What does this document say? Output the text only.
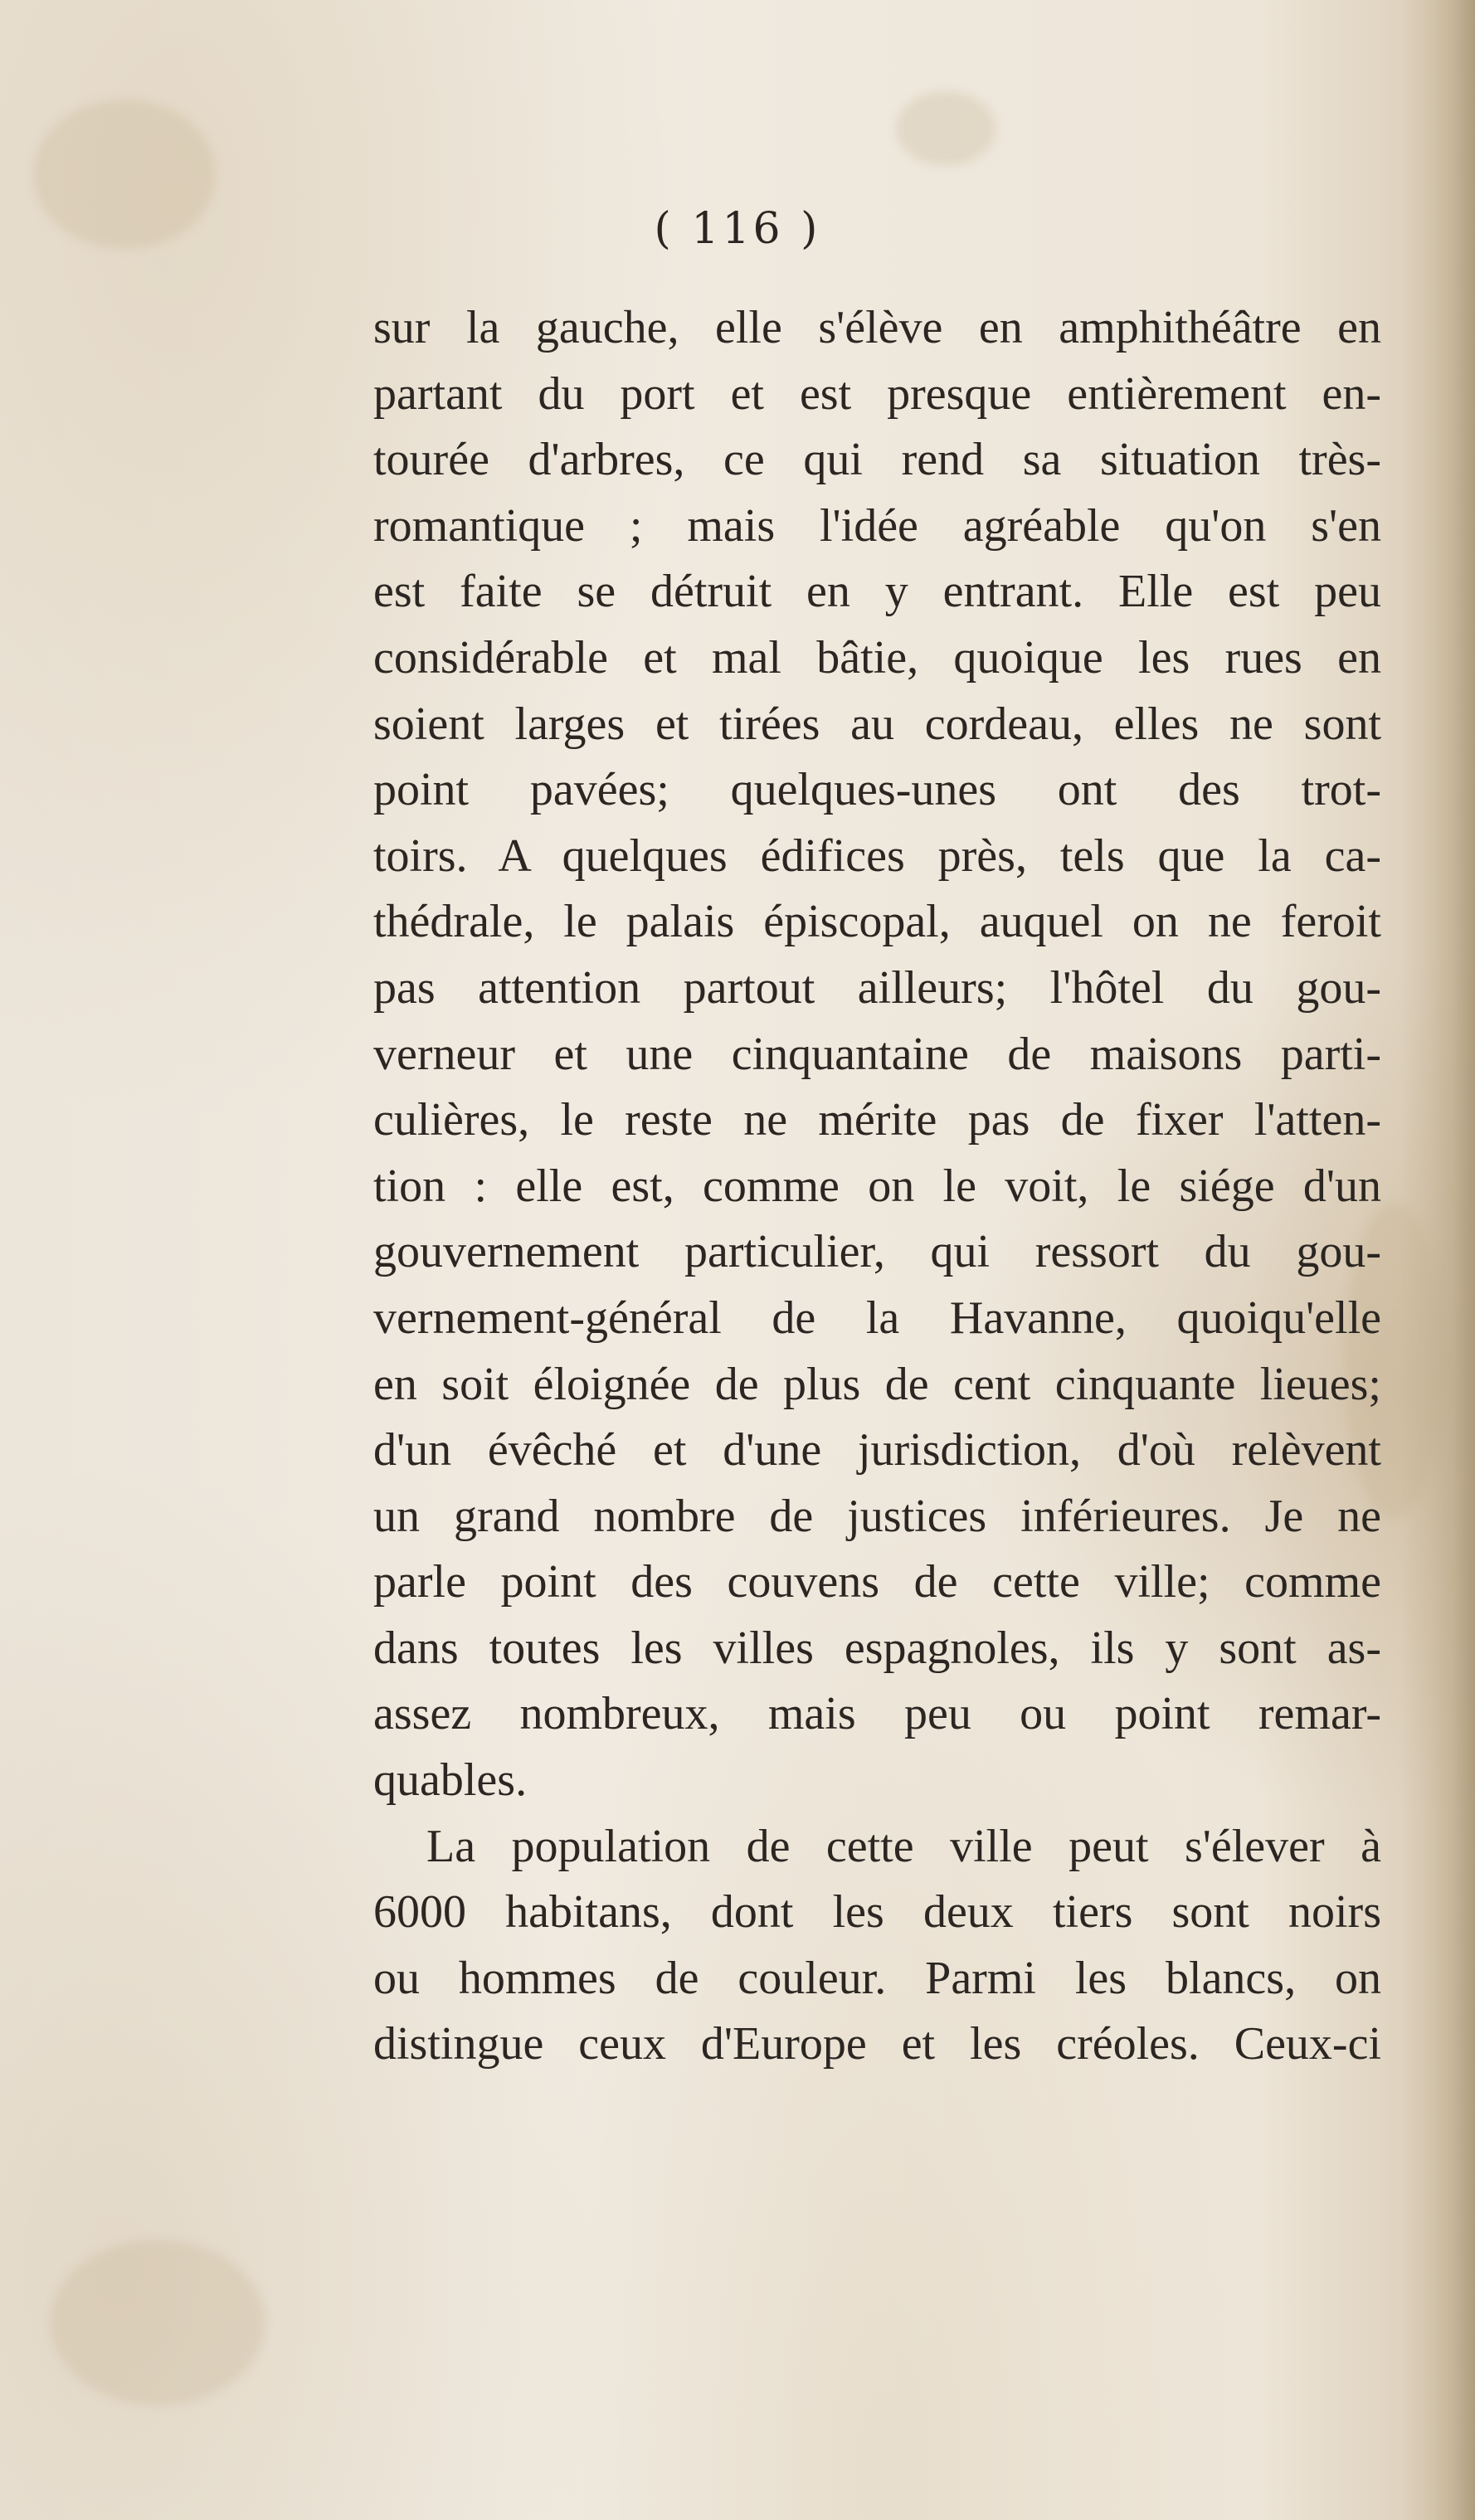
( 116 )
sur la gauche, elle s'élève en amphithéâtre en
partant du port et est presque entièrement en-
tourée d'arbres, ce qui rend sa situation très-
romantique ; mais l'idée agréable qu'on s'en
est faite se détruit en y entrant. Elle est peu
considérable et mal bâtie, quoique les rues en
soient larges et tirées au cordeau, elles ne sont
point pavées; quelques-unes ont des trot-
toirs. A quelques édifices près, tels que la ca-
thédrale, le palais épiscopal, auquel on ne feroit
pas attention partout ailleurs; l'hôtel du gou-
verneur et une cinquantaine de maisons parti-
culières, le reste ne mérite pas de fixer l'atten-
tion : elle est, comme on le voit, le siége d'un
gouvernement particulier, qui ressort du gou-
vernement-général de la Havanne, quoiqu'elle
en soit éloignée de plus de cent cinquante lieues;
d'un évêché et d'une jurisdiction, d'où relèvent
un grand nombre de justices inférieures. Je ne
parle point des couvens de cette ville; comme
dans toutes les villes espagnoles, ils y sont as-
assez nombreux, mais peu ou point remar-
quables.
La population de cette ville peut s'élever à
6000 habitans, dont les deux tiers sont noirs
ou hommes de couleur. Parmi les blancs, on
distingue ceux d'Europe et les créoles. Ceux-ci
